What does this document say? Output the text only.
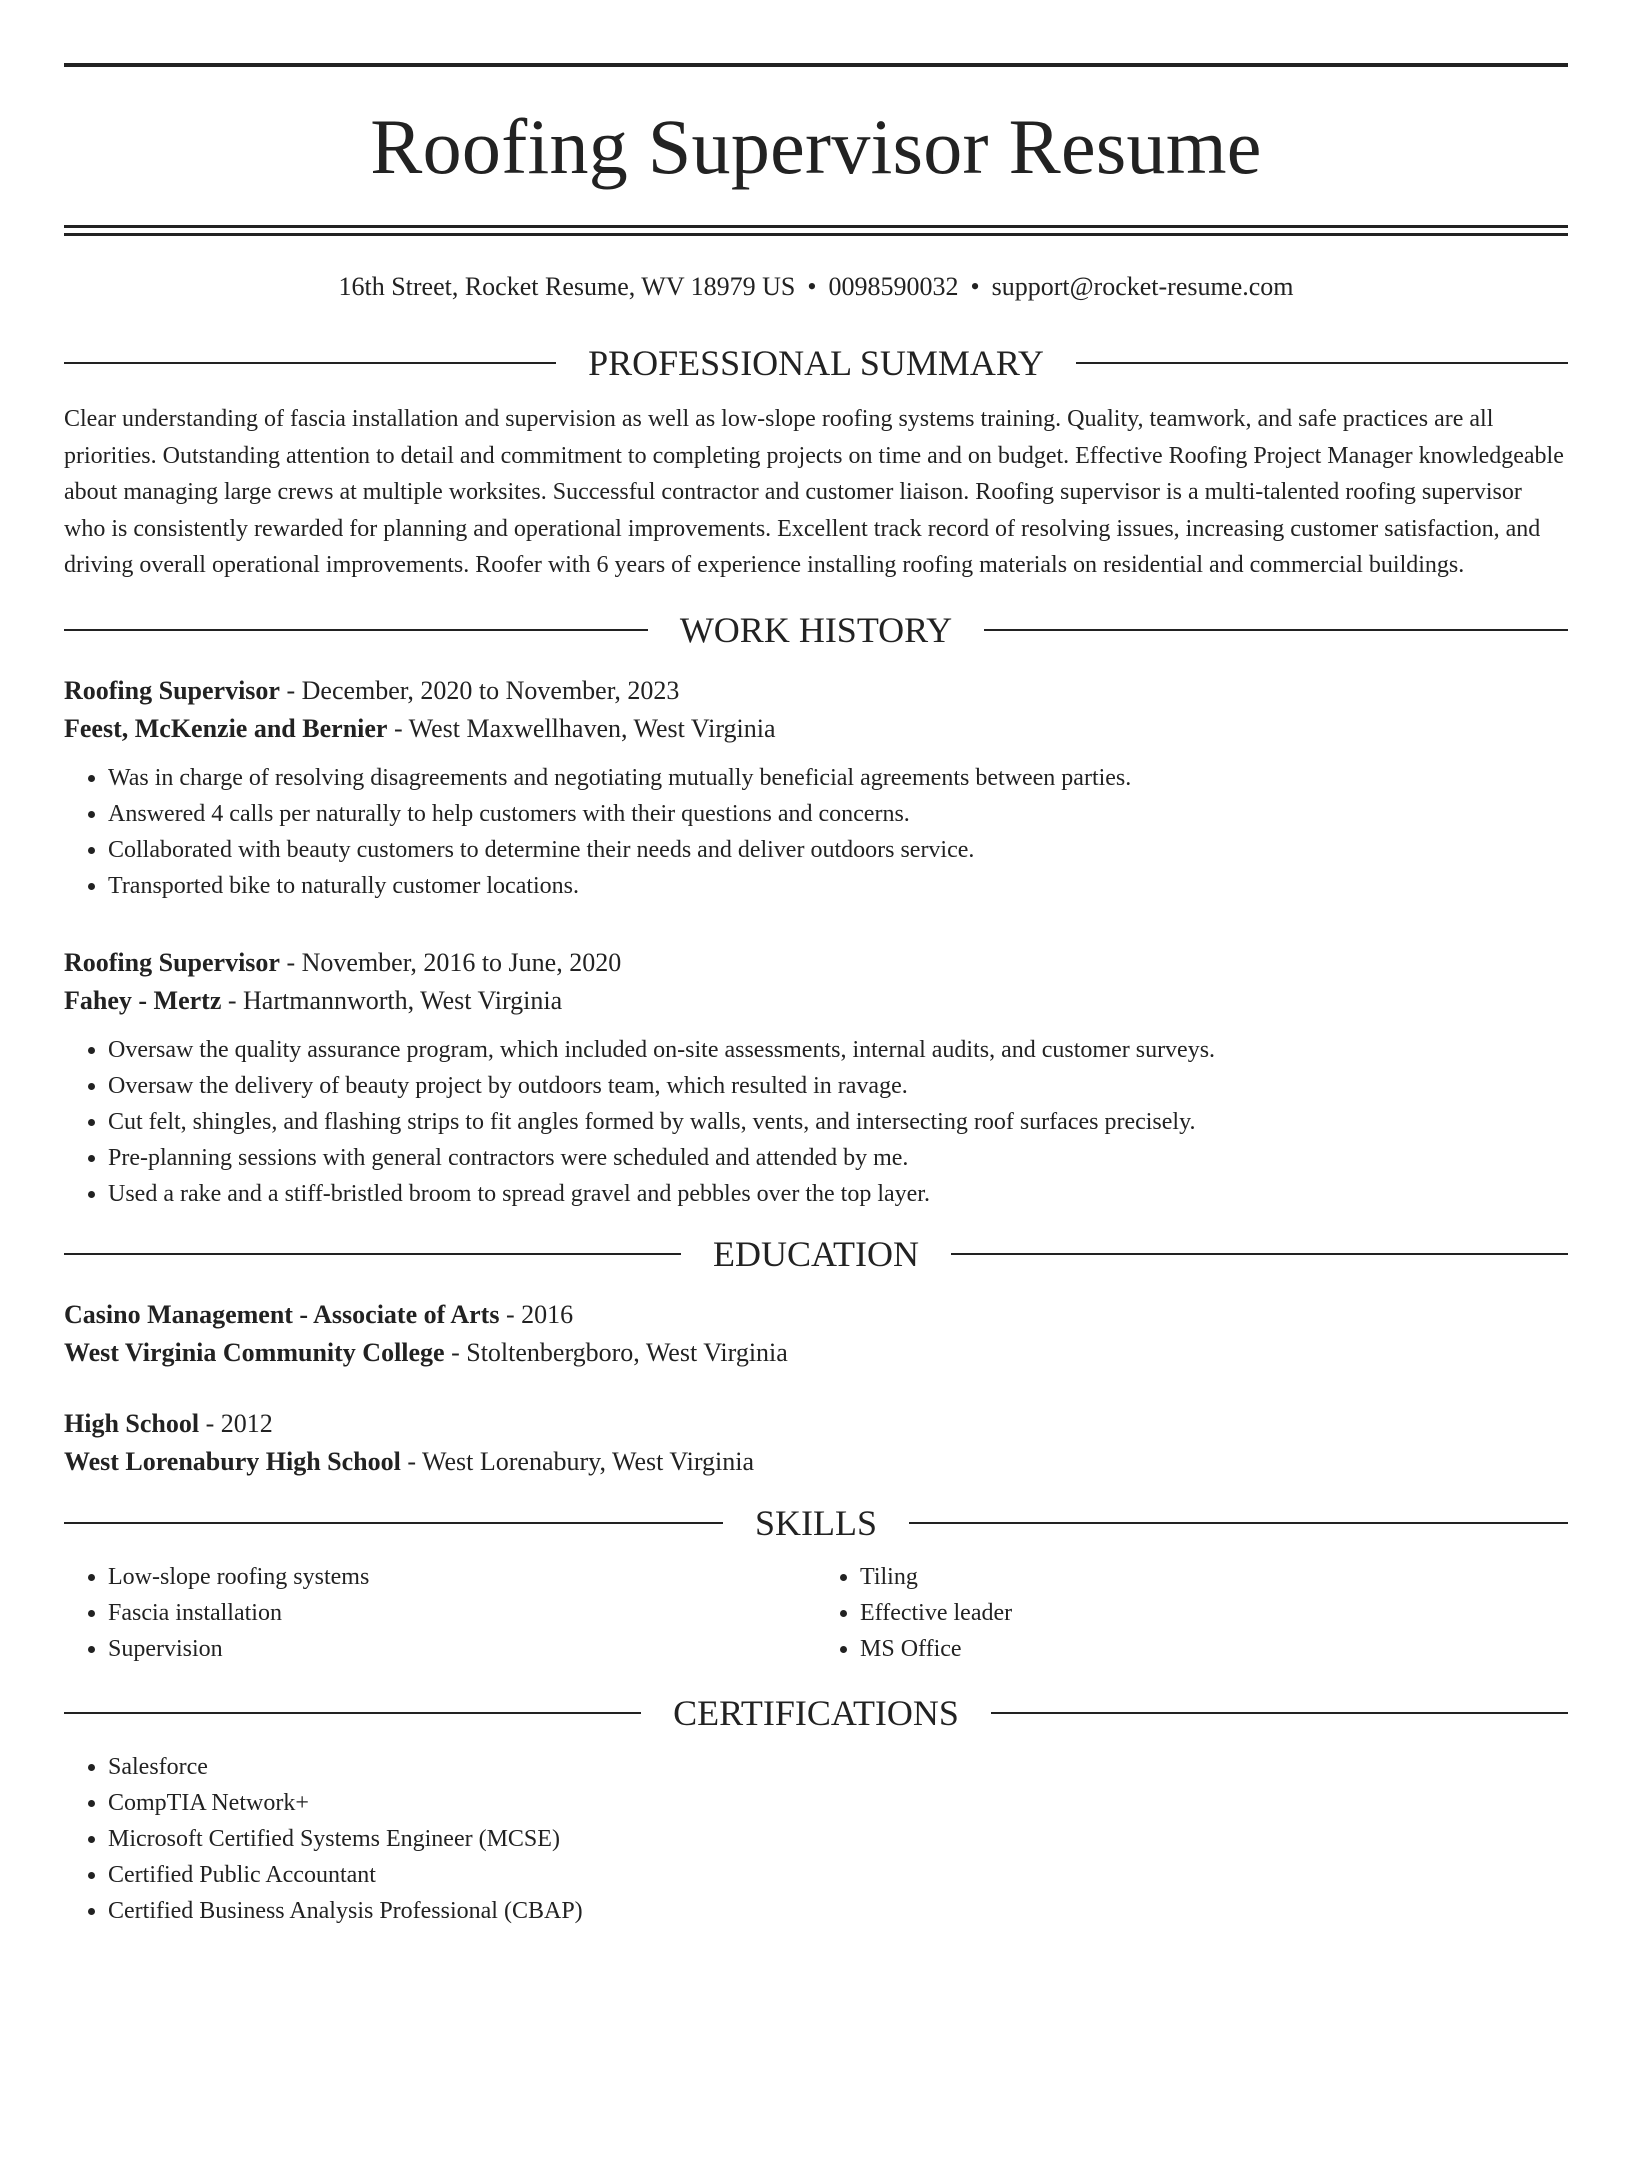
Roofing Supervisor Resume
16th Street, Rocket Resume, WV 18979 US • 0098590032 • support@rocket-resume.com
PROFESSIONAL SUMMARY

Clear understanding of fascia installation and supervision as well as low-slope roofing systems training. Quality, teamwork, and safe practices are all priorities. Outstanding attention to detail and commitment to completing projects on time and on budget. Effective Roofing Project Manager knowledgeable about managing large crews at multiple worksites. Successful contractor and customer liaison. Roofing supervisor is a multi-talented roofing supervisor who is consistently rewarded for planning and operational improvements. Excellent track record of resolving issues, increasing customer satisfaction, and driving overall operational improvements. Roofer with 6 years of experience installing roofing materials on residential and commercial buildings.

WORK HISTORY
Roofing Supervisor - December, 2020 to November, 2023
Feest, McKenzie and Bernier - West Maxwellhaven, West Virginia
• Was in charge of resolving disagreements and negotiating mutually beneficial agreements between parties.
• Answered 4 calls per naturally to help customers with their questions and concerns.
• Collaborated with beauty customers to determine their needs and deliver outdoors service.
• Transported bike to naturally customer locations.
Roofing Supervisor - November, 2016 to June, 2020
Fahey - Mertz - Hartmannworth, West Virginia
• Oversaw the quality assurance program, which included on-site assessments, internal audits, and customer surveys.
• Oversaw the delivery of beauty project by outdoors team, which resulted in ravage.
• Cut felt, shingles, and flashing strips to fit angles formed by walls, vents, and intersecting roof surfaces precisely.
• Pre-planning sessions with general contractors were scheduled and attended by me.
• Used a rake and a stiff-bristled broom to spread gravel and pebbles over the top layer.
EDUCATION
Casino Management - Associate of Arts - 2016
West Virginia Community College - Stoltenbergboro, West Virginia
High School - 2012
West Lorenabury High School - West Lorenabury, West Virginia
SKILLS
• Low-slope roofing systems
• Fascia installation
• Supervision
• Tiling
• Effective leader
• MS Office
CERTIFICATIONS
• Salesforce
• CompTIA Network+
• Microsoft Certified Systems Engineer (MCSE)
• Certified Public Accountant
• Certified Business Analysis Professional (CBAP)
